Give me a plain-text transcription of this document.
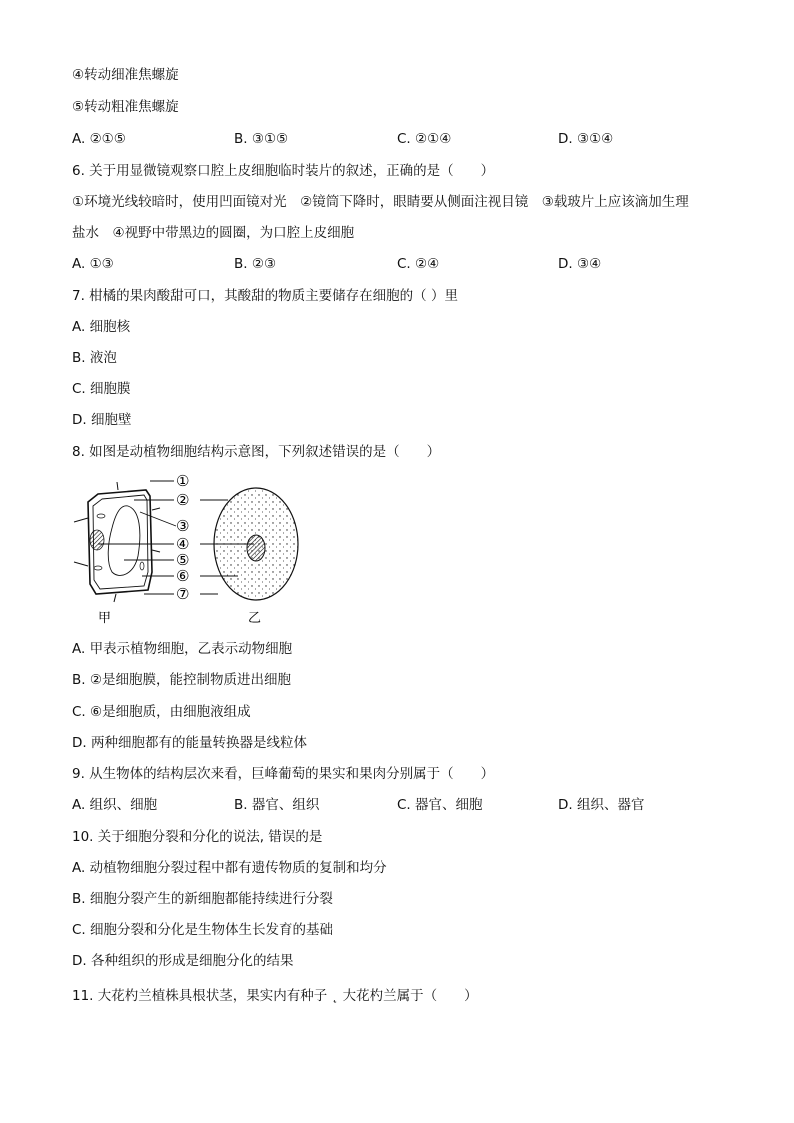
④转动细准焦螺旋
⑤转动粗准焦螺旋
A. ②①⑤	B. ③①⑤	C. ②①④	D. ③①④
6. 关于用显微镜观察口腔上皮细胞临时装片的叙述，正确的是（　　）
①环境光线较暗时，使用凹面镜对光　②镜筒下降时，眼睛要从侧面注视目镜　③载玻片上应该滴加生理
盐水　④视野中带黑边的圆圈，为口腔上皮细胞
A. ①③	B. ②③	C. ②④	D. ③④
7. 柑橘的果肉酸甜可口，其酸甜的物质主要储存在细胞的（ ）里
A. 细胞核
B. 液泡
C. 细胞膜
D. 细胞壁
8. 如图是动植物细胞结构示意图，下列叙述错误的是（　　）
①
②
③
④
⑤
⑥
⑦
甲	乙
A. 甲表示植物细胞，乙表示动物细胞
B. ②是细胞膜，能控制物质进出细胞
C. ⑥是细胞质，由细胞液组成
D. 两种细胞都有的能量转换器是线粒体
9. 从生物体的结构层次来看，巨峰葡萄的果实和果肉分别属于（　　）
A. 组织、细胞	B. 器官、组织	C. 器官、细胞	D. 组织、器官
10. 关于细胞分裂和分化的说法, 错误的是
A. 动植物细胞分裂过程中都有遗传物质的复制和均分
B. 细胞分裂产生的新细胞都能持续进行分裂
C. 细胞分裂和分化是生物体生长发育的基础
D. 各种组织的形成是细胞分化的结果
11. 大花杓兰植株具根状茎，果实内有种子 ˛ 大花杓兰属于（　　）
